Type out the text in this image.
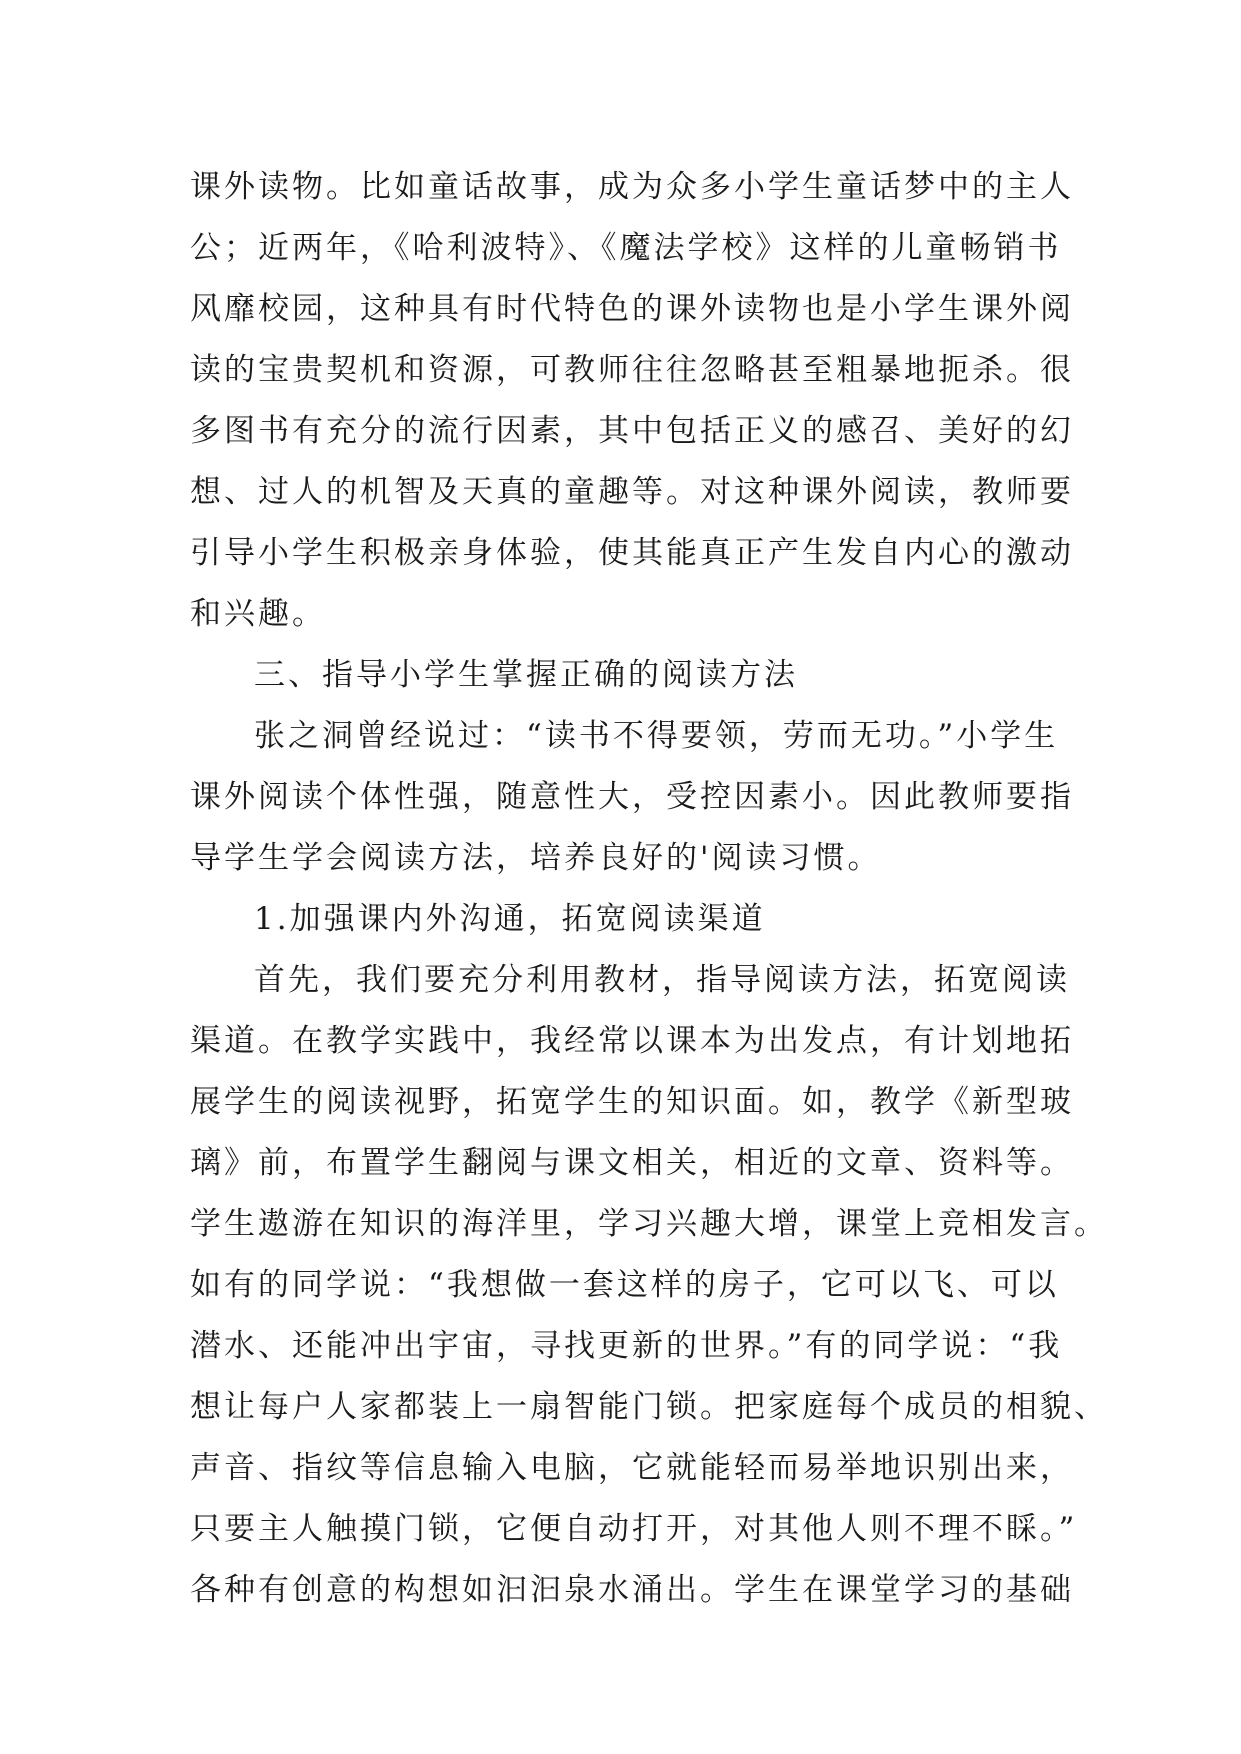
课外读物。比如童话故事，成为众多小学生童话梦中的主人
公；近两年，《哈利波特》、《魔法学校》这样的儿童畅销书
风靡校园，这种具有时代特色的课外读物也是小学生课外阅
读的宝贵契机和资源，可教师往往忽略甚至粗暴地扼杀。很
多图书有充分的流行因素，其中包括正义的感召、美好的幻
想、过人的机智及天真的童趣等。对这种课外阅读，教师要
引导小学生积极亲身体验，使其能真正产生发自内心的激动
和兴趣。
三、指导小学生掌握正确的阅读方法
张之洞曾经说过：“读书不得要领，劳而无功。”小学生
课外阅读个体性强，随意性大，受控因素小。因此教师要指
导学生学会阅读方法，培养良好的'阅读习惯。
1.加强课内外沟通，拓宽阅读渠道
首先，我们要充分利用教材，指导阅读方法，拓宽阅读
渠道。在教学实践中，我经常以课本为出发点，有计划地拓
展学生的阅读视野，拓宽学生的知识面。如，教学《新型玻
璃》前，布置学生翻阅与课文相关，相近的文章、资料等。
学生遨游在知识的海洋里，学习兴趣大增，课堂上竞相发言。
如有的同学说：“我想做一套这样的房子，它可以飞、可以
潜水、还能冲出宇宙，寻找更新的世界。”有的同学说：“我
想让每户人家都装上一扇智能门锁。把家庭每个成员的相貌、
声音、指纹等信息输入电脑，它就能轻而易举地识别出来，
只要主人触摸门锁，它便自动打开，对其他人则不理不睬。”
各种有创意的构想如汩汩泉水涌出。学生在课堂学习的基础
